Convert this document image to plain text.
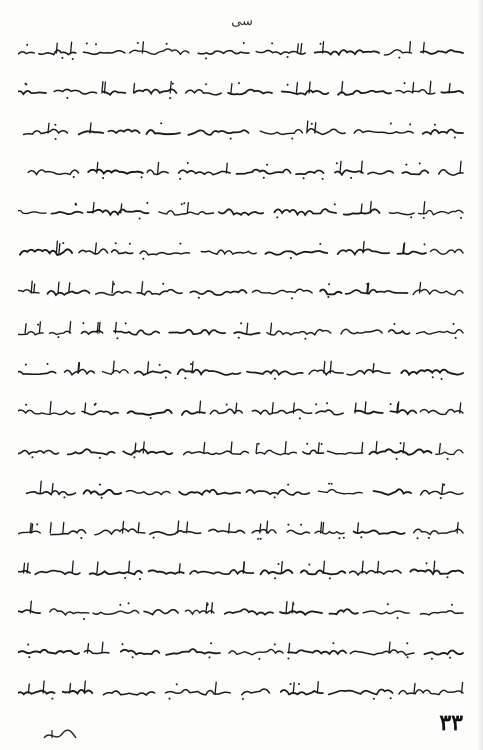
سی
۳۳
